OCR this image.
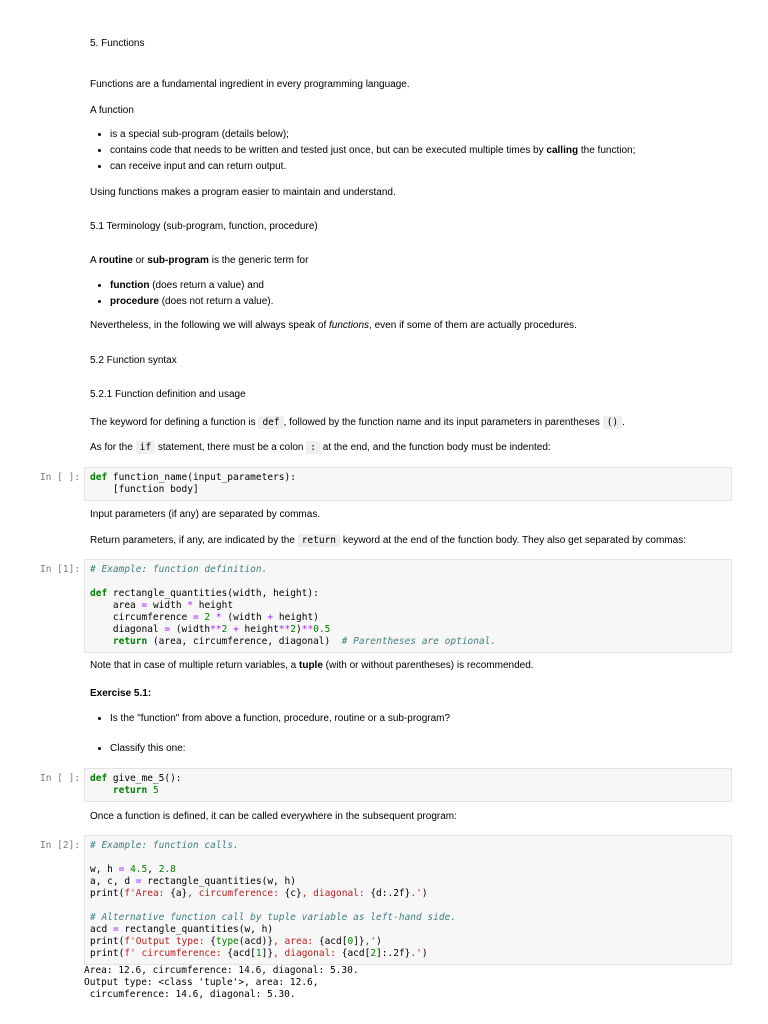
5. Functions

Functions are a fundamental ingredient in every programming language.

A function

• is a special sub-program (details below);
• contains code that needs to be written and tested just once, but can be executed multiple times by calling the function;
• can receive input and can return output.

Using functions makes a program easier to maintain and understand.

5.1 Terminology (sub-program, function, procedure)

A routine or sub-program is the generic term for

• function (does return a value) and
• procedure (does not return a value).

Nevertheless, in the following we will always speak of functions, even if some of them are actually procedures.

5.2 Function syntax
5.2.1 Function definition and usage

The keyword for defining a function is def , followed by the function name and its input parameters in parentheses () .

As for the if statement, there must be a colon : at the end, and the function body must be indented:

In [ ]:	def function_name(input_parameters):
[function body]

Input parameters (if any) are separated by commas.

Return parameters, if any, are indicated by the return keyword at the end of the function body. They also get separated by commas:

In [1]:	# Example: function definition.

def rectangle_quantities(width, height):
area = width * height
circumference = 2 * (width + height)
diagonal = (width**2 + height**2)**0.5
return (area, circumference, diagonal)  # Parentheses are optional.

Note that in case of multiple return variables, a tuple (with or without parentheses) is recommended.

Exercise 5.1:

• Is the "function" from above a function, procedure, routine or a sub-program?
• Classify this one:
In [ ]:	def give_me_5():
return 5

Once a function is defined, it can be called everywhere in the subsequent program:

In [2]:	# Example: function calls.

w, h = 4.5, 2.8
a, c, d = rectangle_quantities(w, h)
print(f'Area: {a}, circumference: {c}, diagonal: {d:.2f}.')

# Alternative function call by tuple variable as left-hand side.
acd = rectangle_quantities(w, h)
print(f'Output type: {type(acd)}, area: {acd[0]},')
print(f' circumference: {acd[1]}, diagonal: {acd[2]:.2f}.')
Area: 12.6, circumference: 14.6, diagonal: 5.30.
Output type: <class 'tuple'>, area: 12.6,
circumference: 14.6, diagonal: 5.30.
